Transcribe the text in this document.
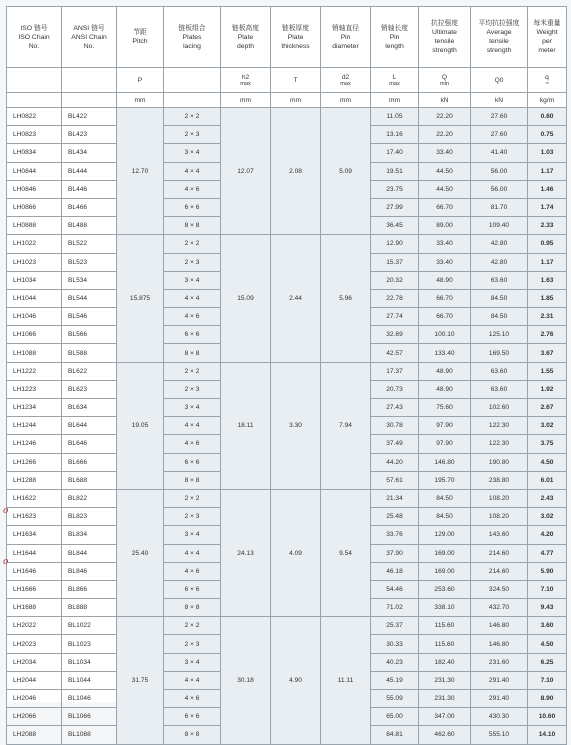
ISO 链号
ISO Chain
No.	ANSI 链号
ANSI Chain
No.	节距
Pitch	链板组合
Plates
lacing	链板高度
Plate
depth	链板厚度
Plate
thickness	销轴直径
Pin
diameter	销轴长度
Pin
length	抗拉强度
Ultimate
tensile
strength	平均抗拉强度
Average
tensile
strength	每米重量
Weight
per
meter
		P		h2
max	T	d2
max	L
max	Q
min	Q0	q
≈

		mm		mm	mm	mm	mm	kN	kN	kg/m
LH0822	BL422	12.70	2 × 2	12.07	2.08	5.09	11.05	22.20	27.60	0.60
LH0823	BL423		2 × 3				13.16	22.20	27.60	0.75
LH0834	BL434		3 × 4				17.40	33.40	41.40	1.03
LH0844	BL444		4 × 4				19.51	44.50	56.00	1.17
LH0846	BL446		4 × 6				23.75	44.50	56.00	1.46
LH0866	BL466		6 × 6				27.99	66.70	81.70	1.74
LH0888	BL488		8 × 8				36.45	89.00	109.40	2.33
LH1022	BL522	15.875	2 × 2	15.09	2.44	5.96	12.90	33.40	42.80	0.95
LH1023	BL523		2 × 3				15.37	33.40	42.80	1.17
LH1034	BL534		3 × 4				20.32	48.90	63.60	1.63
LH1044	BL544		4 × 4				22.78	66.70	84.50	1.85
LH1046	BL546		4 × 6				27.74	66.70	84.50	2.31
LH1066	BL566		6 × 6				32.69	100.10	125.10	2.76
LH1088	BL588		8 × 8				42.57	133.40	169.50	3.67
LH1222	BL622	19.05	2 × 2	18.11	3.30	7.94	17.37	48.90	63.60	1.55
LH1223	BL623		2 × 3				20.73	48.90	63.60	1.92
LH1234	BL634		3 × 4				27.43	75.60	102.60	2.67
LH1244	BL644		4 × 4				30.78	97.90	122.30	3.02
LH1246	BL646		4 × 6				37.49	97.90	122.30	3.75
LH1266	BL666		6 × 6				44.20	146.80	190.80	4.50
LH1288	BL688		8 × 8				57.61	195.70	238.80	6.01
LH1622	BL822	25.40	2 × 2	24.13	4.09	9.54	21.34	84.50	108.20	2.43
LH1623	BL823		2 × 3				25.48	84.50	108.20	3.02
LH1634	BL834		3 × 4				33.76	129.00	143.60	4.20
LH1644	BL844		4 × 4				37.90	169.00	214.60	4.77
LH1646	BL846		4 × 6				46.18	169.00	214.60	5.90
LH1666	BL866		6 × 6				54.46	253.60	324.50	7.10
LH1688	BL888		8 × 8				71.02	338.10	432.70	9.43
LH2022	BL1022	31.75	2 × 2	30.18	4.90	11.11	25.37	115.60	146.80	3.60
LH2023	BL1023		2 × 3				30.33	115.60	146.80	4.50
LH2034	BL1034		3 × 4				40.23	182.40	231.60	6.25
LH2044	BL1044		4 × 4				45.19	231.30	291.40	7.10
LH2046	BL1046		4 × 6				55.09	231.30	291.40	8.90
LH2066	BL1066		6 × 6				65.00	347.00	430.30	10.60
LH2088	BL1088		8 × 8				84.81	462.60	555.10	14.10
o
o
